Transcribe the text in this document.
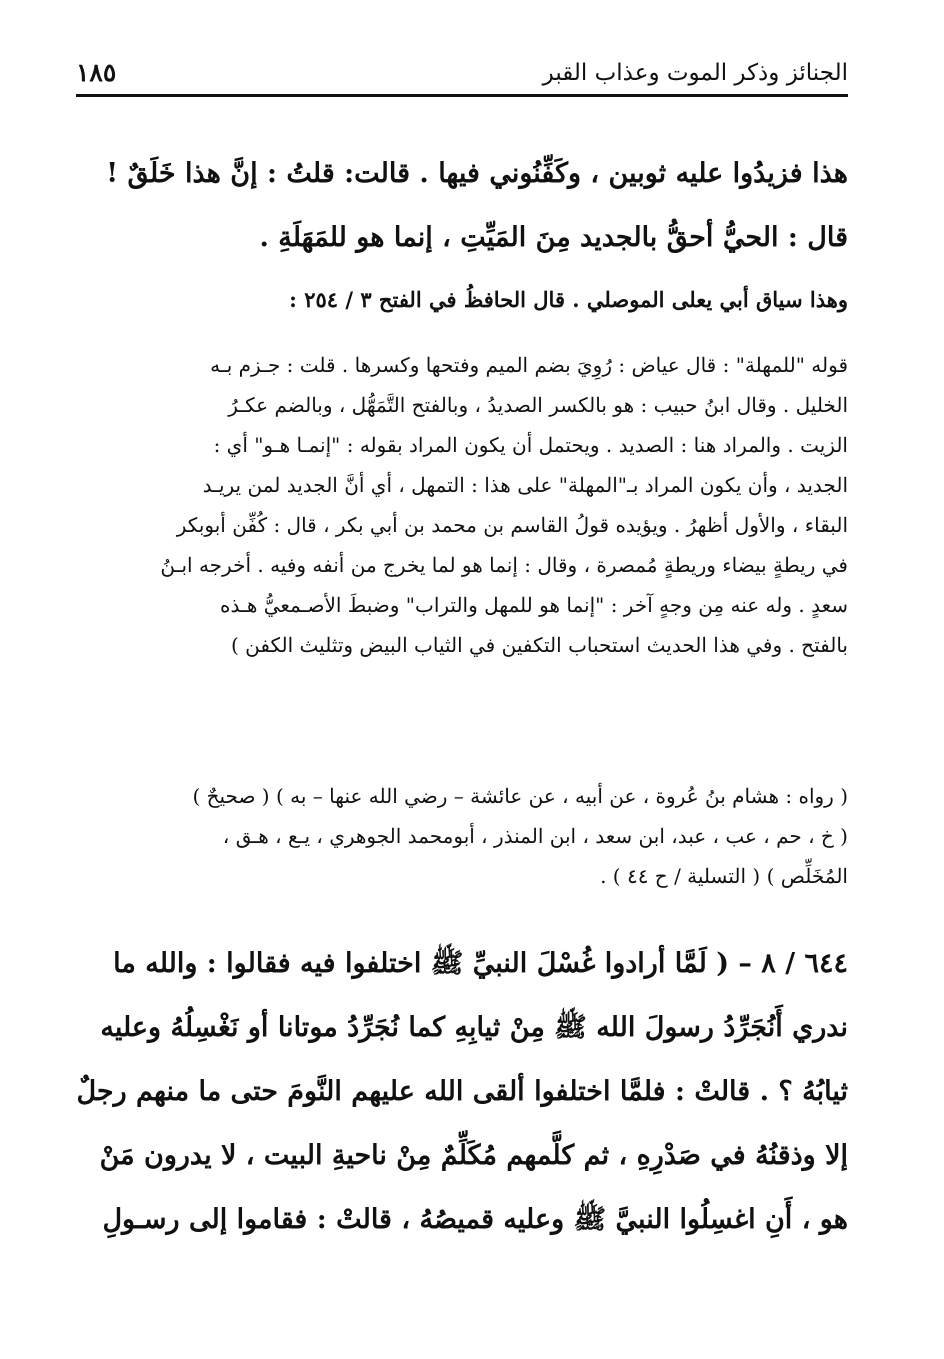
الجنائز وذكر الموت وعذاب القبر
١٨٥
هذا فزيدُوا عليه ثوبين ، وكَفِّنُوني فيها . قالت: قلتُ : إنَّ هذا خَلَقٌ !
قال : الحيُّ أحقُّ بالجديد مِنَ المَيِّتِ ، إنما هو للمَهَلَةِ .
وهذا سياق أبي يعلى الموصلي . قال الحافظُ في الفتح ٣ / ٢٥٤ :
قوله "للمهلة" : قال عياض : رُوِيَ بضم الميم وفتحها وكسرها . قلت : جـزم بـه
الخليل . وقال ابنُ حبيب : هو بالكسر الصديدُ ، وبالفتح التَّمَهُّل ، وبالضم عكـرُ
الزيت . والمراد هنا : الصديد . ويحتمل أن يكون المراد بقوله : "إنمـا هـو" أي :
الجديد ، وأن يكون المراد بـ"المهلة" على هذا : التمهل ، أي أنَّ الجديد لمن يريـد
البقاء ، والأول أظهرُ . ويؤيده قولُ القاسم بن محمد بن أبي بكر ، قال : كُفِّن أبوبكر
في ريطةٍ بيضاء وريطةٍ مُمصرة ، وقال : إنما هو لما يخرج من أنفه وفيه . أخرجه ابـنُ
سعدٍ . وله عنه مِن وجهٍ آخر : "إنما هو للمهل والتراب" وضبطَ الأصـمعيُّ هـذه
بالفتح . وفي هذا الحديث استحباب التكفين في الثياب البيض وتثليث الكفن )
( رواه : هشام بنُ عُروة ، عن أبيه ، عن عائشة – رضي الله عنها – به ) ( صحيحٌ )
( خ ، حم ، عب ، عبد، ابن سعد ، ابن المنذر ، أبومحمد الجوهري ، يـع ، هـق ،
المُخَلِّص ) ( التسلية / ح ٤٤ ) .
٦٤٤ / ٨ – ( لَمَّا أرادوا غُسْلَ النبيِّ ﷺ اختلفوا فيه فقالوا : والله ما
ندري أَنُجَرِّدُ رسولَ الله ﷺ مِنْ ثيابِهِ كما نُجَرِّدُ موتانا أو نَغْسِلُهُ وعليه
ثيابُهُ ؟ . قالتْ : فلمَّا اختلفوا ألقى الله عليهم النَّومَ حتى ما منهم رجلٌ
إلا وذقنُهُ في صَدْرِهِ ، ثم كلَّمهم مُكَلِّمٌ مِنْ ناحيةِ البيت ، لا يدرون مَنْ
هو ، أَنِ اغسِلُوا النبيَّ ﷺ وعليه قميصُهُ ، قالتْ : فقاموا إلى رسـولِ
